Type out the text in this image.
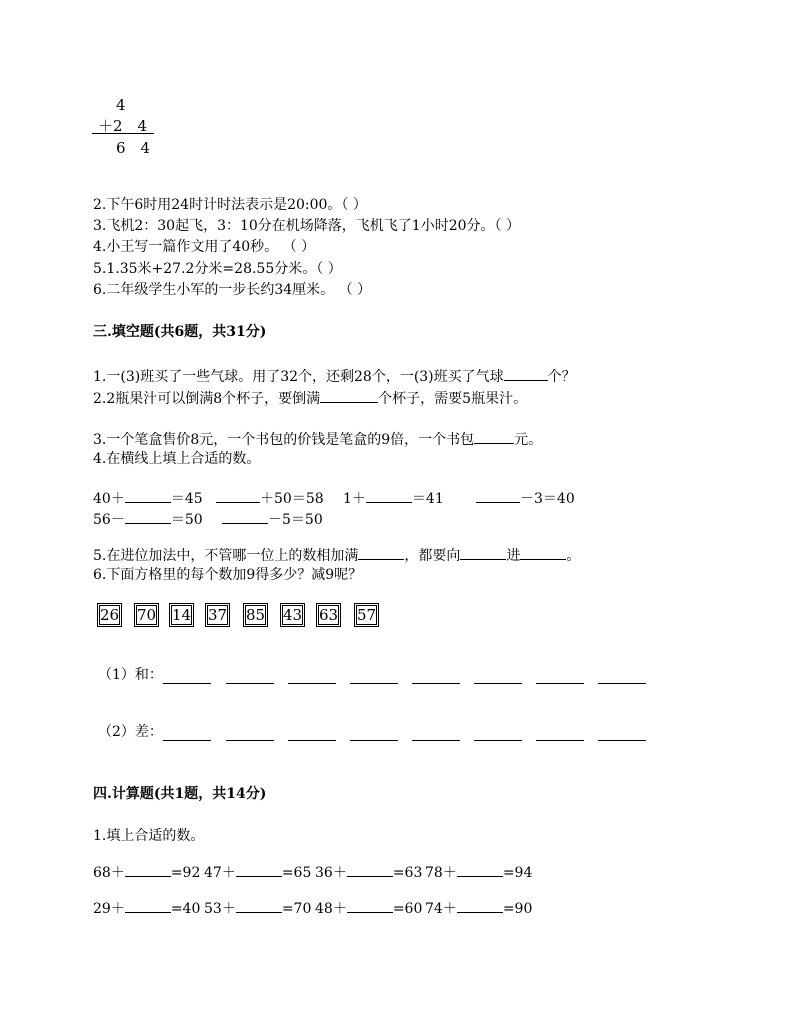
4
＋2　4
6　4
2.下午6时用24时计时法表示是20:00。（ ）
3.飞机2：30起飞，3：10分在机场降落，飞机飞了1小时20分。（ ）
4.小王写一篇作文用了40秒。 （ ）
5.1.35米+27.2分米=28.55分米。（ ）
6.二年级学生小军的一步长约34厘米。 （ ）
三.填空题(共6题，共31分)
1.一(3)班买了一些气球。用了32个，还剩28个，一(3)班买了气球	个？
2.2瓶果汁可以倒满8个杯子，要倒满	个杯子，需要5瓶果汁。
3.一个笔盒售价8元，一个书包的价钱是笔盒的9倍，一个书包	元。
4.在横线上填上合适的数。
40＋	＝45	＋50＝58 1＋	＝41	－3＝40
56－	＝50	－5＝50
5.在进位加法中，不管哪一位上的数相加满	，都要向	进	。
6.下面方格里的每个数加9得多少？减9呢？
26 70 14 37 85 43 63 57
（1）和：
（2）差：
四.计算题(共1题，共14分)
1.填上合适的数。
68＋	=92 47＋	=65 36＋	=63 78＋	=94
29＋	=40 53＋	=70 48＋	=60 74＋	=90
